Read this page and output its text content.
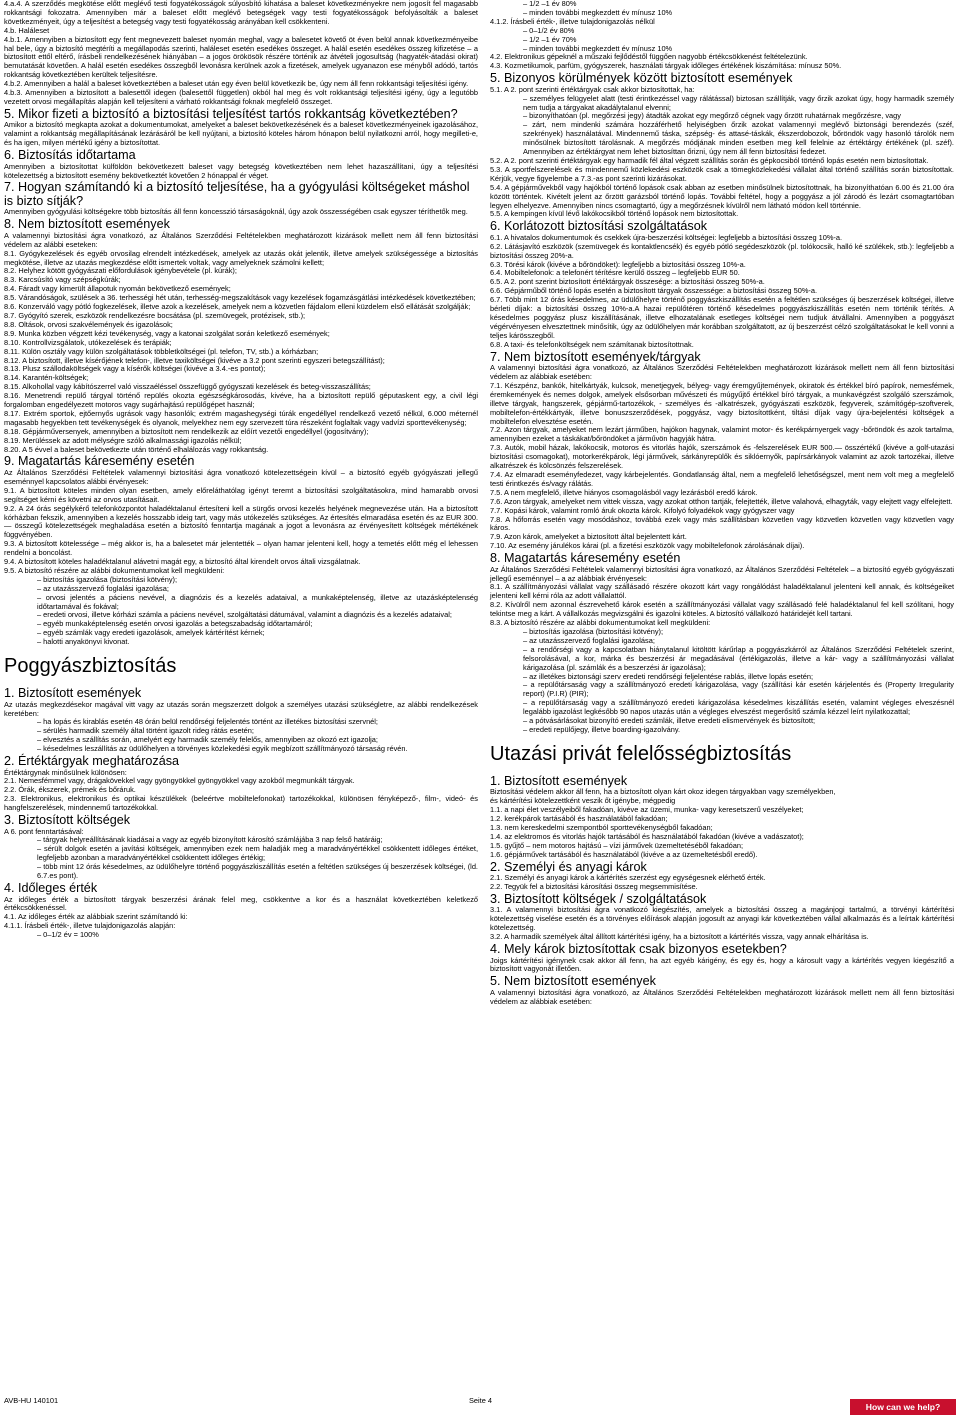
4.a.4. A szerződés megkötése előtt meglévő testi fogyatékosságok súlyosbító kihatása a baleset következményekre nem jogosít fel magasabb rokkantsági fokozatra. Amennyiben már a baleset előtt meglévő betegségek vagy testi fogyatékosságok befolyásolták a baleset következményeit, úgy a teljesítést a betegség vagy testi fogyatékosság arányában kell csökkenteni.
4.b. Haláleset
4.b.1. Amennyiben a biztosított egy fent megnevezett baleset nyomán meghal, vagy a balesetet követő öt éven belül annak következményeibe hal bele, úgy a biztosító megtéríti a megállapodás szerinti, haláleset esetén esedékes összeget. A halál esetén esedékes összeg kifizetése – a biztosított ettől eltérő, írásbeli rendelkezésének hiányában – a jogos örökösök részére történik az átvételi jogosultság (hagyaték-átadási okirat) bemutatását követően. A halál esetén esedékes összegből levonásra kerülnek azok a fizetések, amelyek ugyanazon ese ményből adódó, tartós rokkantság következtében kerültek teljesítésre.
4.b.2. Amennyiben a halál a baleset következtében a baleset után egy éven belül következik be, úgy nem áll fenn rokkantsági teljesítési igény.
4.b.3. Amennyiben a biztosított a balesettől idegen (balesettől független) okból hal meg és volt rokkantsági teljesítési igény, úgy a legutóbb vezetett orvosi megállapítás alapján kell teljesíteni a várható rokkantsági foknak megfelelő összeget.
5. Mikor fizeti a biztosító a biztosítási teljesítést tartós rokkantság következtében?
Amikor a biztosító megkapta azokat a dokumentumokat, amelyeket a baleset bekövetkezésének és a baleset következményeinek igazolásához, valamint a rokkantság megállapításának lezárásáról be kell nyújtani, a biztosító köteles három hónapon belül nyilatkozni arról, hogy megilleti-e, és ha igen, milyen mértékű igény a biztosítottat.
6. Biztosítás időtartama
Amennyiben a biztosítottat külföldön bekövetkezett baleset vagy betegség következtében nem lehet hazaszállítani, úgy a teljesítési kötelezettség a biztosított esemény bekövetkeztét követően 2 hónappal ér véget.
7. Hogyan számítandó ki a biztosító teljesítése, ha a gyógyulási költségeket máshol is bizto sítják?
Amennyiben gyógyulási költségekre több biztosítás áll fenn koncesszió társaságoknál, úgy azok összességében csak egyszer téríthetők meg.
8. Nem biztosított események
A valamennyi biztosítási ágra vonatkozó, az Általános Szerződési Feltételekben meghatározott kizárások mellett nem áll fenn biztosítási védelem az alábbi eseteken:
8.1. Gyógykezelések és egyéb orvosilag elrendelt intézkedések, amelyek az utazás okát jelentik, illetve amelyek szükségessége a biztosítás megkötése, illetve az utazás megkezdése előtt ismertek voltak, vagy amelyeknek számolni kellett;
8.2. Helyhez kötött gyógyászati előfordulások igénybevétele (pl. kúrák);
8.3. Karcsúsító vagy szépségkúrák;
8.4. Fáradt vagy kimerült állapotuk nyomán bekövetkező események;
8.5. Várandóságok, szülések a 36. terhességi hét után, terhesség-megszakítások vagy kezelések fogamzásgátlási intézkedések következtében;
8.6. Konzerváló vagy pótló fogkezelések, illetve azok a kezelések, amelyek nem a közvetlen fájdalom elleni küzdelem első ellátását szolgálják;
8.7. Gyógyító szerek, eszközök rendelkezésre bocsátása (pl. szemüvegek, protézisek, stb.);
8.8. Oltások, orvosi szakvélemények és igazolások;
8.9. Munka közben végzett kézi tevékenység, vagy a katonai szolgálat során keletkező események;
8.10. Kontrollvizsgálatok, utókezelések és terápiák;
8.11. Külön osztály vagy külön szolgáltatások többletköltségei (pl. telefon, TV, stb.) a kórházban;
8.12. A biztosított, illetve kísérőjének telefon-, illetve taxiköltségei (kivéve a 3.2 pont szerinti egyszeri betegszállítást);
8.13. Plusz szállodaköltségek vagy a kísérők költségei (kivéve a 3.4.-es pontot);
8.14. Karantén-költségek;
8.15. Alkohollal vagy kábítószerrel való visszaéléssel összefüggő gyógyszati kezelések és beteg-visszaszállítás;
8.16. Menetrendi repülő tárgyal történő repülés okozta egészségkárosodás, kivéve, ha a biztosított repülő géputaskent egy, a civil légi forgalomban engedélyezett motoros vagy sugárhajtású repülőgépet használ;
8.17. Extrém sportok, ejtőernyős ugrások vagy hasonlók; extrém magashegységi túrák engedéllyel rendelkező vezető nélkül, 6.000 méternél magasabb hegyekben tett tevékenységek és olyanok, melyekhez nem egy szervezett túra részeként foglaltak vagy vadvízi sporttevékenység;
8.18. Gépjárműversenyek, amennyiben a biztosított nem rendelkezik az előírt vezetői engedéllyel (jogosítvány);
8.19. Merüléssek az adott mélységre szóló alkalmassági igazolás nélkül;
8.20. A 5 évvel a baleset bekövetkezte után történő elhalálozás vagy rokkantság.
9. Magatartás káresemény esetén
Az Általános Szerződési Feltételek valamennyi biztosítási ágra vonatkozó kötelezettségein kívül – a biztosító egyéb gyógyászati jellegű eseménnyel kapcsolatos alábbi érvényesek:
9.1. A biztosított köteles minden olyan esetben, amely előreláthatólag igényt teremt a biztosítási szolgáltatásokra, mind hamarabb orvosi segítséget kérni és követni az orvos utasításait.
9.2. A 24 órás segélykérő telefonközpontot haladéktalanul értesíteni kell a sürgős orvosi kezelés helyének megnevezése után. Ha a biztosított kórházban fekszik, amennyiben a kezelés hosszabb ideig tart, vagy más utókezelés szükséges. Az értesítés elmaradása esetén és az EUR 300.— összegű kötelezettségek meghaladása esetén a biztosító fenntartja magának a jogot a levonásra az érvényesített költségek mértékének függvényében.
9.3. A biztosított kötelessége – még akkor is, ha a balesetet már jelentették – olyan hamar jelenteni kell, hogy a temetés előtt még el lehessen rendelni a boncolást.
9.4. A biztosított köteles haladéktalanul alávetni magát egy, a biztosító által kirendelt orvos általi vizsgálatnak.
9.5. A biztosító részére az alábbi dokumentumokat kell megküldeni:
– biztosítás igazolása (biztosítási kötvény);
– az utazásszervező foglalási igazolása;
– orvosi jelentés a páciens nevével, a diagnózis és a kezelés adataival, a munkaképtelenség, illetve az utazásképtelenség időtartamával és fokával;
– eredeti orvosi, illetve kórházi számla a páciens nevével, szolgáltatási dátumával, valamint a diagnózis és a kezelés adataival;
– egyéb munkaképtelenség esetén orvosi igazolás a betegszabadság időtartamáról;
– egyéb számlák vagy eredeti igazolások, amelyek kártérítést kérnek;
– halotti anyakönyvi kivonat.
Poggyászbiztosítás
1. Biztosított események
Az utazás megkezdésekor magával vitt vagy az utazás során megszerzett dolgok a személyes utazási szükségletre, az alábbi rendelkezések keretében:
– ha lopás és kirablás esetén 48 órán belül rendőrségi feljelentés történt az illetékes biztosítási szervnél;
– sérülés harmadik személy által történt igazolt rideg rátás esetén;
– elvesztés a szállítás során, amelyért egy harmadik személy felelős, amennyiben az okozó ezt igazolja;
– késedelmes leszállítás az üdülőhelyen a törvényes közlekedési egyik megbízott szállítmányozó társaság révén.
2. Értéktárgyak meghatározása
Értéktárgynak minősülnek különösen:
2.1. Nemesfémmel vagy, drágakövekkel vagy gyöngyökkel gyöngyökkel vagy azokból megmunkált tárgyak.
2.2. Órák, ékszerek, prémek és bőráruk.
2.3. Elektronikus, elektronikus és optikai készülékek (beleértve mobiltelefonokat) tartozékokkal, különösen fényképező-, film-, videó- és hangfelszerelések, mindennemű tartozékokkal.
3. Biztosított költségek
A 6. pont fenntartásával:
– tárgyak helyreállításának kiadásai a vagy az egyéb bizonyított károsító számlájába 3 nap felső határáig;
– sérült dolgok esetén a javítási költségek, amennyiben ezek nem haladják meg a maradványértékkel csökkentett időleges értéket, legfeljebb azonban a maradványértékkel csökkentett időleges értékig;
– több mint 12 órás késedelmes, az üdülőhelyre történő poggyászkiszállítás esetén a feltétlen szükséges új beszerzések költségei, (ld. 6.7.es pont).
4. Időleges érték
Az időleges érték a biztosított tárgyak beszerzési árának felel meg, csökkentve a kor és a használat következtében keletkező értékcsökkenéssel.
4.1. Az időleges érték az alábbiak szerint számítandó ki:
4.1.1. Írásbeli érték-, illetve tulajdonigazolás alapján:
– 0–1/2 év = 100%
– 1/2 –1 év 80%
– minden további megkezdett év mínusz 10%
4.1.2. Írásbeli érték-, illetve tulajdonigazolás nélkül
– 0–1/2 év 80%
– 1/2 –1 év 70%
– minden további megkezdett év mínusz 10%
4.2. Elektronikus gépeknél a műszaki fejlődéstől függően nagyobb értékcsökkenést feltételezünk.
4.3. Kozmetikumok, parfüm, gyógyszerek, használati tárgyak időleges értékének kiszámítása: mínusz 50%.
5. Bizonyos körülmények között biztosított események
5.1. A 2. pont szerinti értéktárgyak csak akkor biztosítottak, ha:
– személyes felügyelet alatt (testi érintkezéssel vagy rálátással) biztosan szállítják, vagy őrzik azokat úgy, hogy harmadik személy nem tudja a tárgyakat akadálytalanul elvenni;
– bizonyíthatóan (pl. megőrzési jegy) átadták azokat egy megőrző cégnek vagy őrzött ruhatárnak megőrzésre, vagy
– zárt, nem mindenki számára hozzáférhető helyiségben őrzik azokat valamennyi meglévő biztonsági berendezés (széf, szekrények) használatával. Mindennemű táska, szépség- és attasé-táskák, ékszerdobozok, bőröndök vagy hasonló tárolók nem minősülnek biztosított tárolásnak. A megőrzés módjának minden esetben meg kell felelnie az értéktárgy értékének (pl. széf). Amennyiben az értéktárgyat nem lehet biztosíttan őrizni, úgy nem áll fenn biztosítási fedezet.
5.2. A 2. pont szerinti értéktárgyak egy harmadik fél által végzett szállítás során és gépkocsiból történő lopás esetén nem biztosítottak.
5.3. A sportfelszerelések és mindennemű közlekedési eszközök csak a tömegközlekedési vállalat által történő szállítás során biztosítottak. Kérjük, vegye figyelembe a 7.3.-as pont szerinti kizárásokat.
5.4. A gépjárművekből vagy hajókból történő lopások csak abban az esetben minősülnek biztosítottnak, ha bizonyíthatóan 6.00 és 21.00 óra között történtek. Kivételt jelent az őrzött garázsból történő lopás. További feltétel, hogy a poggyász a jól zárodó és lezárt csomagtartóban legyen elhelyezve. Amennyiben nincs csomagtartó, úgy a megőrzésnek kívülről nem látható módon kell történnie.
5.5. A kempingen kívül lévő lakókocsikból történő lopások nem biztosítottak.
6. Korlátozott biztosítási szolgáltatások
6.1. A hivatalos dokumentumok és csekkek újra-beszerzési költségei: legfeljebb a biztosítási összeg 10%-a.
6.2. Látásjavító eszközök (szemüvegek és kontaktlencsék) és egyéb pótló segédeszközök (pl. tolókocsik, halló ké szülékek, stb.): legfeljebb a biztosítási összeg 20%-a.
6.3. Törési károk (kivéve a bőröndöket): legfeljebb a biztosítási összeg 10%-a.
6.4. Mobiltelefonok: a telefonért térítésre kerülő összeg – legfeljebb EUR 50.
6.5. A 2. pont szerint biztosított értéktárgyak összesége: a biztosítási összeg 50%-a.
6.6. Gépjárműből történő lopás esetén a biztosított tárgyak összessége: a biztosítási összeg 50%-a.
6.7. Több mint 12 órás késedelmes, az üdülőhelyre történő poggyászkiszállítás esetén a feltétlen szükséges új beszerzések költségei, illetve bérleti díjak: a biztosítási összeg 10%-a.A hazai repülőtéren történő késedelmes poggyászkiszállítás esetén nem történik térítés. A késedelmes poggyász plusz kiszállításának, illetve elhozatalának esetleges költségei nem tudjuk átvállalni. Amennyiben a poggyászt végérvényesen elvesztettnek minősítik, úgy az üdülőhelyen már korábban szolgáltatott, az új beszerzést célzó szolgáltatásokat le kell vonni a teljes kárösszegből.
6.8. A taxi- és telefonköltségek nem számítanak biztosítottnak.
7. Nem biztosított események/tárgyak
A valamennyi biztosítási ágra vonatkozó, az Általános Szerződési Feltételekben meghatározott kizárások mellett nem áll fenn biztosítási védelem az alábbiak esetében:
7.1. Készpénz, bankók, hitelkártyák, kulcsok, menetjegyek, bélyeg- vagy éremgyűjtemények, okiratok és értékkel bíró papírok, nemesfémek, éremkemények és nemes dolgok, amelyek elsősorban művészeti és múgyűjtő értékkel bíró tárgyak, a munkavégzést szolgáló szerszámok, illetve tárgyak, hangszerek, gépjármű-tartozékok, - személyes és -alkatrészek, gyógyászati eszközök, fegyverek, számítógép-szoftverek, mobiltelefon-értékkártyák, illetve bonuszszerződések, poggyász, vagy biztosítottként, tiltási díjak vagy újra-bejelentési költségek a mobiltelefon elvesztése esetén.
7.2. Azon tárgyak, amelyeket nem lezárt járműben, hajókon hagynak, valamint motor- és kerékpárnyergek vagy -bőröndök és azok tartalma, amennyiben ezeket a táskákat/bőröndöket a járművön hagyják hátra.
7.3. Autók, mobil házak, lakókocsik, motoros és vitorlás hajók, szerszámok és -felszerelések EUR 500.— összértékű (kivéve a golf-utazási biztosítási csomagokat), motorkerékpárok, légi járművek, sárkányrepülők és siklóernyők, papírsárkányok valamint az azok tartozékai, illetve alkatrészek és kölcsönzés felszerelések.
7.4. Az elmaradt eseményfedezet, vagy kárbejelentés. Gondatlanság által, nem a megfelelő lehetőségszel, ment nem volt meg a megfelelő testi érintkezés és/vagy rálátás.
7.5. A nem megfelelő, illetve hiányos csomagolásból vagy lezárásból eredő károk.
7.6. Azon tárgyak, amelyeket nem vittek vissza, vagy azokat otthon tartják, felejtették, illetve valahová, elhagyták, vagy elejtett vagy elfelejtett.
7.7. Kopási károk, valamint romló áruk okozta károk. Kifolyó folyadékok vagy gyógyszer vagy
7.8. A hőforrás esetén vagy mosódáshoz, továbbá ezek vagy más szállításban közvetlen vagy közvetlen közvetlen vagy közvetlen vagy káros.
7.9. Azon károk, amelyeket a biztosított által bejelentett kárt.
7.10. Az esemény járulékos kárai (pl. a fizetési eszközök vagy mobiltelefonok zárolásának díjai).
8. Magatartás káresemény esetén
Az Általános Szerződési Feltételek valamennyi biztosítási ágra vonatkozó, az Általános Szerződési Feltételek – a biztosító egyéb gyógyászati jellegű eseménnyel – a az alábbiak érvényesek:
8.1. A szállítmányozási vállalat vagy szállásadó részére okozott kárt vagy rongálódást haladéktalanul jelenteni kell annak, és költségeiket jelenteni kell kérni róla az adott vállalattól.
8.2. Kívülről nem azonnal észrevehető károk esetén a szállítmányozási vállalat vagy szállásadó felé haladéktalanul fel kell szólítani, hogy tekintse meg a kárt. A vállalkozás megvizsgálni és igazolni köteles. A biztosító vállalkozó határidejét kell tartani.
8.3. A biztosító részére az alábbi dokumentumokat kell megküldeni:
– biztosítás igazolása (biztosítási kötvény);
– az utazásszervező foglalási igazolása;
– a rendőrségi vagy a kapcsolatban hiánytalanul kitöltött kárűrlap a poggyászkárról az Általános Szerződési Feltételek szerint, felsorolásával, a kor, márka és beszerzési ár megadásával (értékigazolás, illetve a kár- vagy a szállítmányozási vállalat kárigazolása (pl. számlák és a beszerzési ár igazolása);
– az illetékes biztonsági szerv eredeti rendőrségi feljelentése rablás, illetve lopás esetén;
– a repülőtársaság vagy a szállítmányozó eredeti kárigazolása, vagy (szállítási kár esetén kárjelentés és (Property Irregularity report) (P.I.R) (PIR);
– a repülőtársaság vagy a szállítmányozó eredeti kárigazolása késedelmes kiszállítás esetén, valamint végleges elveszésnél legalább igazolást legkésőbb 90 napos utazás után a végleges elveszést megerősítő számla kézzel leírt nyilatkozattal;
– a pótvásárlásokat bizonyító eredeti számlák, illetve eredeti elismervények és biztosított;
– eredeti repülőjegy, illetve boarding-igazolvány.
Utazási privát felelősségbiztosítás
1. Biztosított események
Biztosítási védelem akkor áll fenn, ha a biztosított olyan kárt okoz idegen tárgyakban vagy személyekben,
és kártérítési kötelezettként veszik őt igénybe, mégpedig
1.1. a napi élet veszélyeiből fakadóan, kivéve az üzemi, munka- vagy keresetszerű veszélyeket;
1.2. kerékpárok tartásából és használatából fakadóan;
1.3. nem kereskedelmi szempontból sporttevékenységből fakadóan;
1.4. az elektromos és vitorlás hajók tartásából és használatából fakadóan (kivéve a vadászatot);
1.5. gyűjtő – nem motoros hajtású – vízi járművek üzemeltetéséből fakadóan;
1.6. gépjárművek tartásából és használatából (kivéve a az üzemeltetésből eredő).
2. Személyi és anyagi károk
2.1. Személyi és anyagi károk a kártérítés szerzést egy egységesnek elérhető érték.
2.2. Tegyük fel a biztosítási károsítási összeg megsemmisítése.
3. Biztosított költségek / szolgáltatások
3.1. A valamennyi biztosítási ágra vonatkozó kiegészítés, amelyek a biztosítási összeg a magánjogi tartalmú, a törvényi kártérítési kötelezettség viselése esetén és a törvényes előírások alapján jogosult az anyagi kár következtében vállal alkalmazás és a leírtak kártérítési kötelezettség.
3.2. A harmadik személyek által állított kártérítési igény, ha a biztosított a kártérítés vissza, vagy annak elhárítása is.
4. Mely károk biztosítottak csak bizonyos esetekben?
Joigs kártérítési igénynek csak akkor áll fenn, ha azt egyéb kárigény, és egy és, hogy a károsult vagy a kártérítés vegyen kiegészítő a biztosított vagyonát illetően.
5. Nem biztosított események
A valamennyi biztosítási ágra vonatkozó, az Általános Szerződési Feltételekben meghatározott kizárások mellett nem áll fenn biztosítási védelem az alábbiak esetében:
AVB-HU 140101	Seite 4
How can we help?
